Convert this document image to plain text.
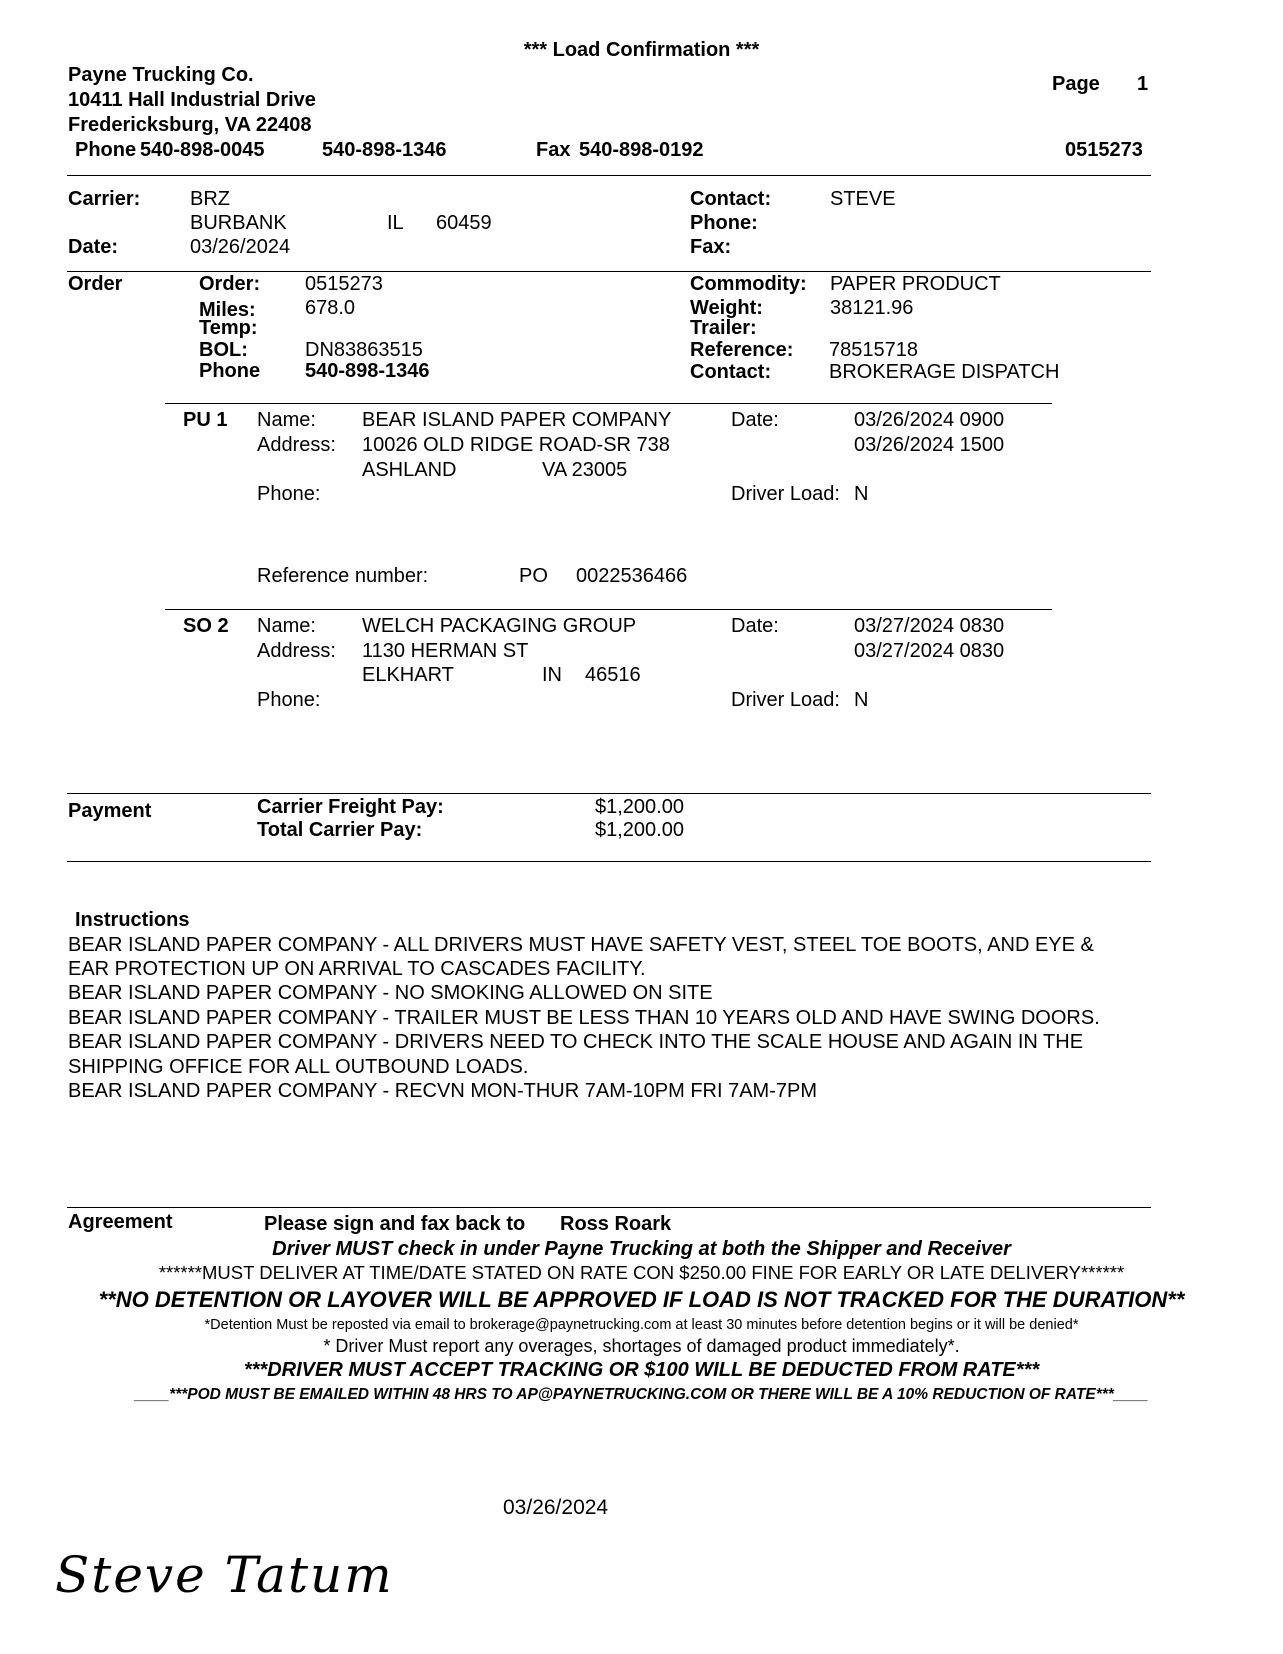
*** Load Confirmation ***
Payne Trucking Co.
10411 Hall Industrial Drive
Fredericksburg, VA 22408
Phone 540-898-0045	540-898-1346	Fax 540-898-0192
Page 1
0515273
Carrier: BRZ
BURBANK	IL 60459
Date:	03/26/2024
Contact:	STEVE
Phone:
Fax:
Order	Order: 0515273
Miles: 678.0
Temp:
BOL:	DN83863515
Phone 540-898-1346
Commodity: PAPER PRODUCT
Weight:	38121.96
Trailer:
Reference: 78515718
Contact:	BROKERAGE DISPATCH
PU 1 Name: BEAR ISLAND PAPER COMPANY
Address: 10026 OLD RIDGE ROAD-SR 738
ASHLAND	VA 23005
Phone:
Date:	03/26/2024 0900
03/26/2024 1500
Driver Load: N
Reference number:	PO 0022536466
SO 2 Name: WELCH PACKAGING GROUP
Address: 1130 HERMAN ST
ELKHART	IN 46516
Phone:
Date:	03/27/2024 0830
03/27/2024 0830
Driver Load: N
Payment	Carrier Freight Pay:	$1,200.00
Total Carrier Pay:	$1,200.00
Instructions
BEAR ISLAND PAPER COMPANY - ALL DRIVERS MUST HAVE SAFETY VEST, STEEL TOE BOOTS, AND EYE &
EAR PROTECTION UP ON ARRIVAL TO CASCADES FACILITY.
BEAR ISLAND PAPER COMPANY - NO SMOKING ALLOWED ON SITE
BEAR ISLAND PAPER COMPANY - TRAILER MUST BE LESS THAN 10 YEARS OLD AND HAVE SWING DOORS.
BEAR ISLAND PAPER COMPANY - DRIVERS NEED TO CHECK INTO THE SCALE HOUSE AND AGAIN IN THE
SHIPPING OFFICE FOR ALL OUTBOUND LOADS.
BEAR ISLAND PAPER COMPANY - RECVN MON-THUR 7AM-10PM FRI 7AM-7PM
Agreement	Please sign and fax back to Ross Roark
Driver MUST check in under Payne Trucking at both the Shipper and Receiver
******MUST DELIVER AT TIME/DATE STATED ON RATE CON $250.00 FINE FOR EARLY OR LATE DELIVERY******
**NO DETENTION OR LAYOVER WILL BE APPROVED IF LOAD IS NOT TRACKED FOR THE DURATION**
*Detention Must be reposted via email to brokerage@paynetrucking.com at least 30 minutes before detention begins or it will be denied*
* Driver Must report any overages, shortages of damaged product immediately*.
***DRIVER MUST ACCEPT TRACKING OR $100 WILL BE DEDUCTED FROM RATE***
____***POD MUST BE EMAILED WITHIN 48 HRS TO AP@PAYNETRUCKING.COM OR THERE WILL BE A 10% REDUCTION OF RATE***____
Steve Tatum
03/26/2024
